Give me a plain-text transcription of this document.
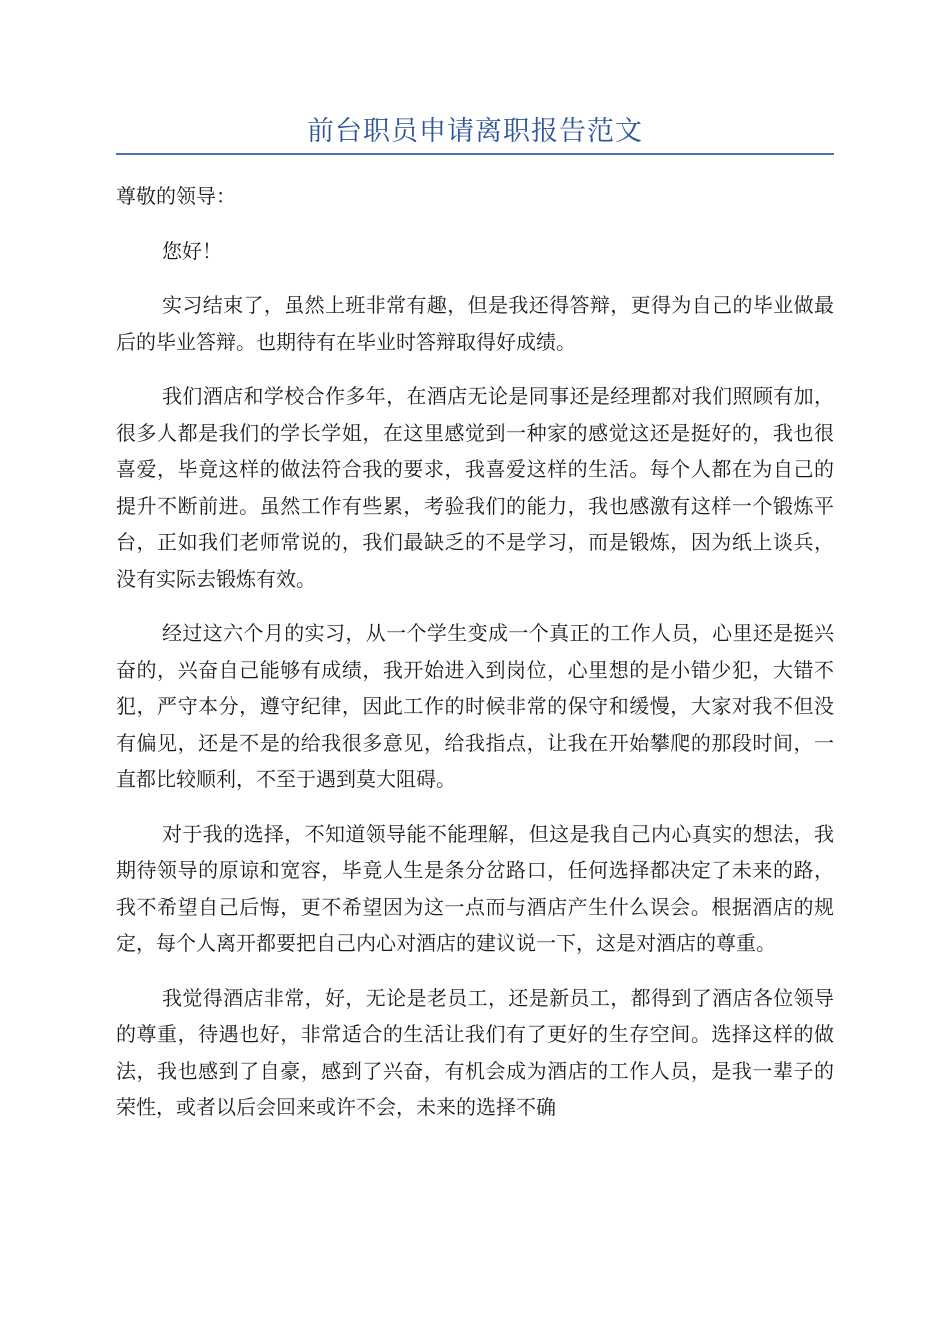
前台职员申请离职报告范文

尊敬的领导：

您好！

实习结束了，虽然上班非常有趣，但是我还得答辩，更得为自己的毕业做最后的毕业答辩。也期待有在毕业时答辩取得好成绩。

我们酒店和学校合作多年，在酒店无论是同事还是经理都对我们照顾有加，很多人都是我们的学长学姐，在这里感觉到一种家的感觉这还是挺好的，我也很喜爱，毕竟这样的做法符合我的要求，我喜爱这样的生活。每个人都在为自己的提升不断前进。虽然工作有些累，考验我们的能力，我也感激有这样一个锻炼平台，正如我们老师常说的，我们最缺乏的不是学习，而是锻炼，因为纸上谈兵，没有实际去锻炼有效。

经过这六个月的实习，从一个学生变成一个真正的工作人员，心里还是挺兴奋的，兴奋自己能够有成绩，我开始进入到岗位，心里想的是小错少犯，大错不犯，严守本分，遵守纪律，因此工作的时候非常的保守和缓慢，大家对我不但没有偏见，还是不是的给我很多意见，给我指点，让我在开始攀爬的那段时间，一直都比较顺利，不至于遇到莫大阻碍。

对于我的选择，不知道领导能不能理解，但这是我自己内心真实的想法，我期待领导的原谅和宽容，毕竟人生是条分岔路口，任何选择都决定了未来的路，我不希望自己后悔，更不希望因为这一点而与酒店产生什么误会。根据酒店的规定，每个人离开都要把自己内心对酒店的建议说一下，这是对酒店的尊重。

我觉得酒店非常，好，无论是老员工，还是新员工，都得到了酒店各位领导的尊重，待遇也好，非常适合的生活让我们有了更好的生存空间。选择这样的做法，我也感到了自豪，感到了兴奋，有机会成为酒店的工作人员，是我一辈子的荣性，或者以后会回来或许不会，未来的选择不确
